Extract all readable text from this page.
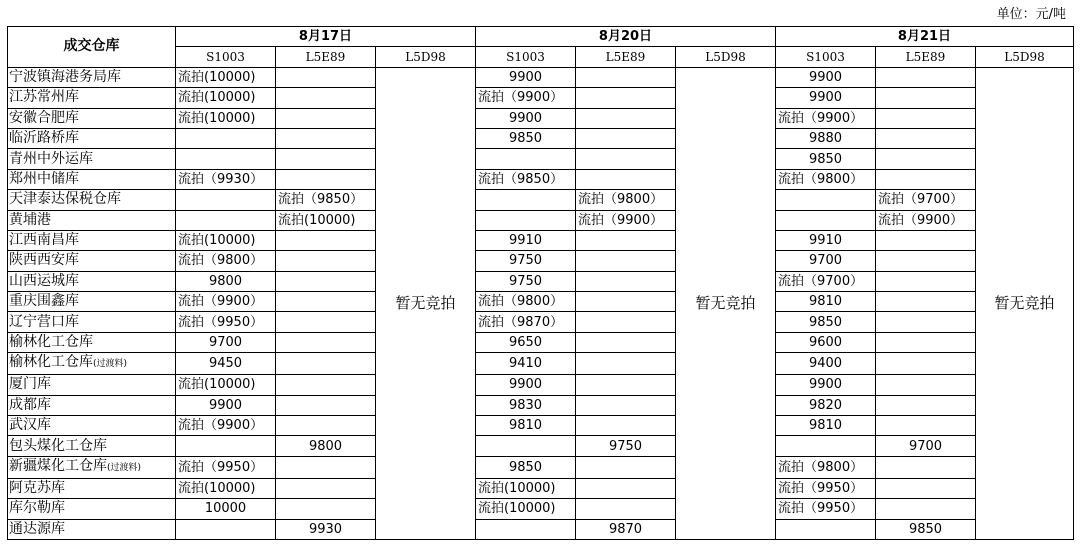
单位：元/吨
成交仓库	8月17日			8月20日			8月21日		
	S1003	L5E89	L5D98	S1003	L5E89	L5D98	S1003	L5E89	L5D98
宁波镇海港务局库	流拍(10000)		暂无竞拍	9900		暂无竞拍	9900		暂无竞拍
江苏常州库	流拍(10000)			流拍（9900）			9900		
安徽合肥库	流拍(10000)			9900			流拍（9900）		
临沂路桥库				9850			9880		
青州中外运库							9850		
郑州中储库	流拍（9930）			流拍（9850）			流拍（9800）		
天津泰达保税仓库		流拍（9850）			流拍（9800）			流拍（9700）	
黄埔港		流拍(10000)			流拍（9900）			流拍（9900）	
江西南昌库	流拍(10000)			9910			9910		
陕西西安库	流拍（9800）			9750			9700		
山西运城库	9800			9750			流拍（9700）		
重庆围鑫库	流拍（9900）			流拍（9800）			9810		
辽宁营口库	流拍（9950）			流拍（9870）			9850		
榆林化工仓库	9700			9650			9600		
榆林化工仓库(过渡料)	9450			9410			9400		
厦门库	流拍(10000)			9900			9900		
成都库	9900			9830			9820		
武汉库	流拍（9900）			9810			9810		
包头煤化工仓库		9800			9750			9700	
新疆煤化工仓库(过渡料)	流拍（9950）			9850			流拍（9800）		
阿克苏库	流拍(10000)			流拍(10000)			流拍（9950）		
库尔勒库	10000			流拍(10000)			流拍（9950）		
通达源库		9930			9870			9850	
